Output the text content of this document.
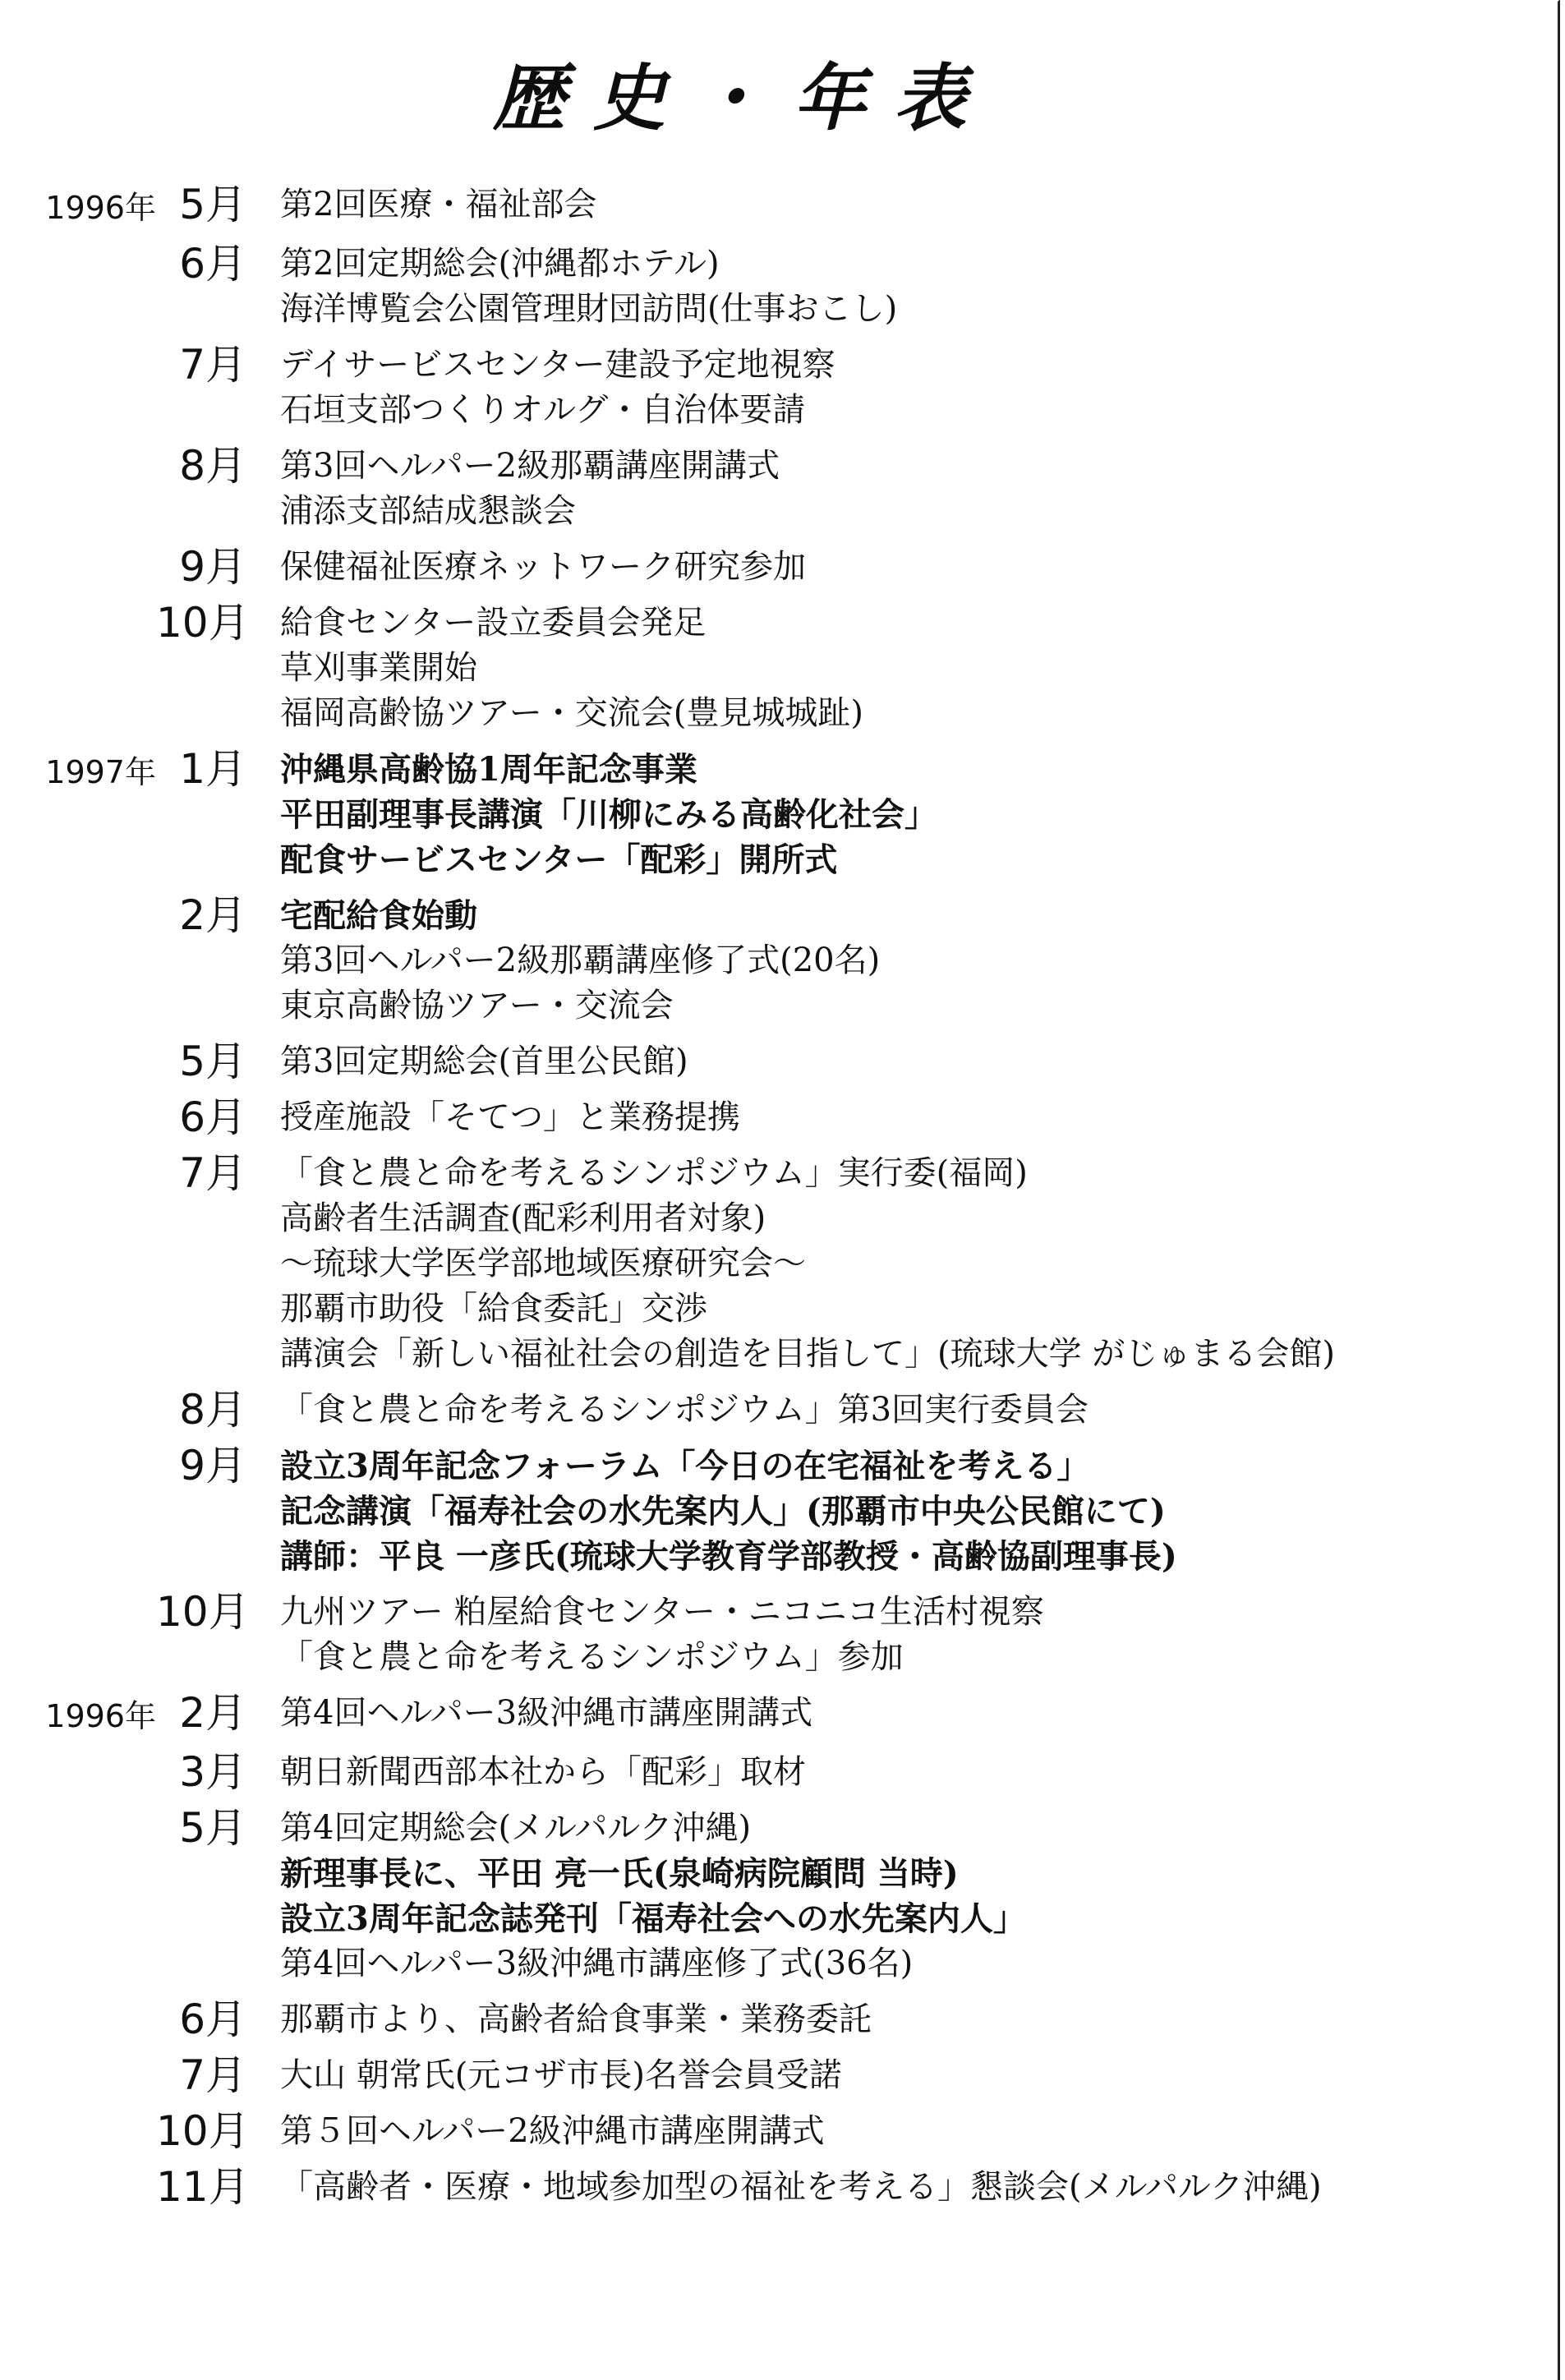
歴史・年表
1996年 5月 第2回医療・福祉部会
6月 第2回定期総会(沖縄都ホテル)
海洋博覧会公園管理財団訪問(仕事おこし)
7月 デイサービスセンター建設予定地視察
石垣支部つくりオルグ・自治体要請
8月 第3回ヘルパー2級那覇講座開講式
浦添支部結成懇談会
9月 保健福祉医療ネットワーク研究参加
10月 給食センター設立委員会発足
草刈事業開始
福岡高齢協ツアー・交流会(豊見城城趾)
1997年 1月 沖縄県高齢協1周年記念事業
平田副理事長講演「川柳にみる高齢化社会」
配食サービスセンター「配彩」開所式
2月 宅配給食始動
第3回ヘルパー2級那覇講座修了式(20名)
東京高齢協ツアー・交流会
5月 第3回定期総会(首里公民館)
6月 授産施設「そてつ」と業務提携
7月 「食と農と命を考えるシンポジウム」実行委(福岡)
高齢者生活調査(配彩利用者対象)
～琉球大学医学部地域医療研究会～
那覇市助役「給食委託」交渉
講演会「新しい福祉社会の創造を目指して」(琉球大学 がじゅまる会館)
8月 「食と農と命を考えるシンポジウム」第3回実行委員会
9月 設立3周年記念フォーラム「今日の在宅福祉を考える」
記念講演「福寿社会の水先案内人」(那覇市中央公民館にて)
講師：平良 一彦氏(琉球大学教育学部教授・高齢協副理事長)
10月 九州ツアー 粕屋給食センター・ニコニコ生活村視察
「食と農と命を考えるシンポジウム」参加
1996年 2月 第4回ヘルパー3級沖縄市講座開講式
3月 朝日新聞西部本社から「配彩」取材
5月 第4回定期総会(メルパルク沖縄)
新理事長に、平田 亮一氏(泉崎病院顧問 当時)
設立3周年記念誌発刊「福寿社会への水先案内人」
第4回ヘルパー3級沖縄市講座修了式(36名)
6月 那覇市より、高齢者給食事業・業務委託
7月 大山 朝常氏(元コザ市長)名誉会員受諾
10月 第５回ヘルパー2級沖縄市講座開講式
11月 「高齢者・医療・地域参加型の福祉を考える」懇談会(メルパルク沖縄)
